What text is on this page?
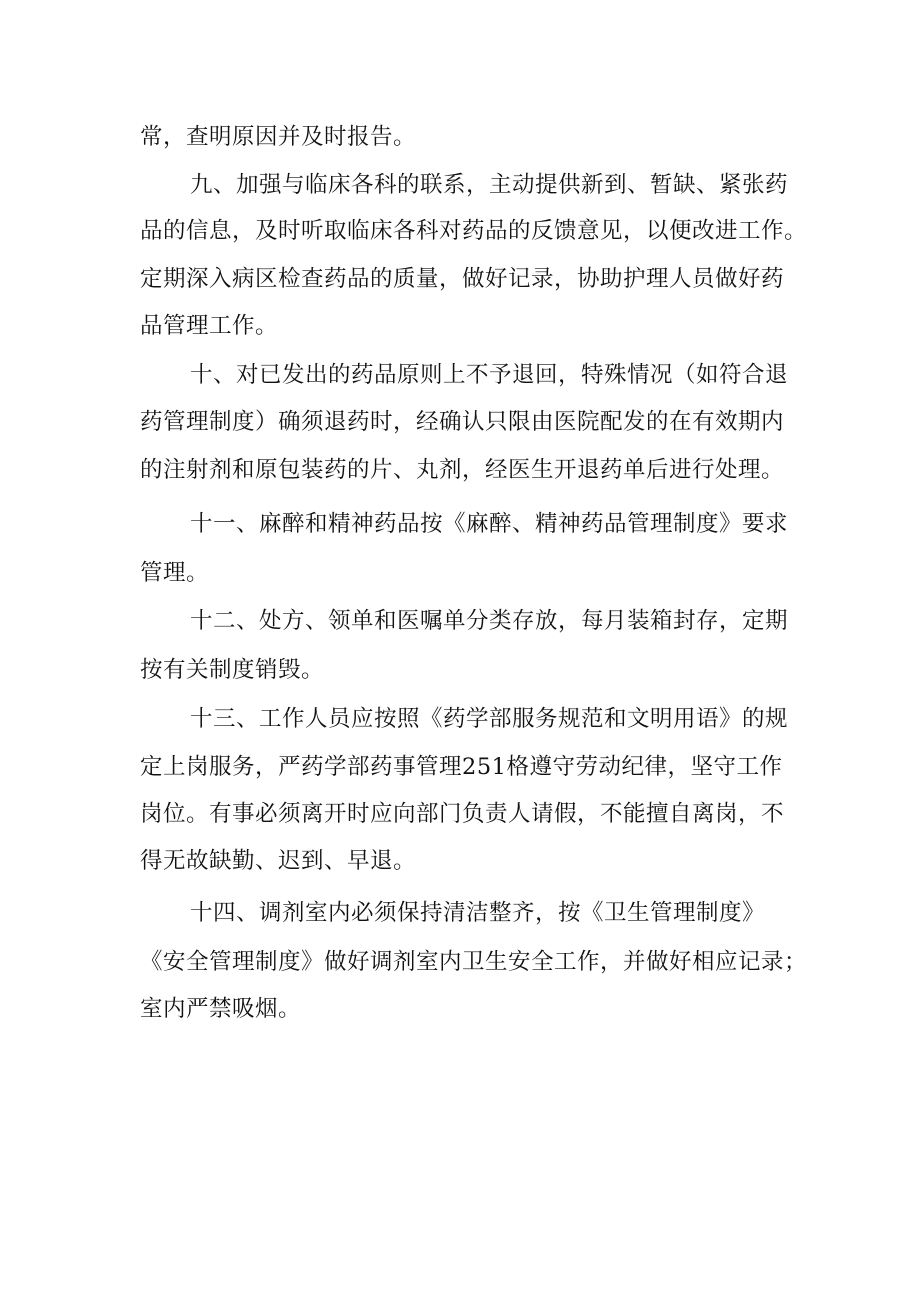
常，查明原因并及时报告。
九、加强与临床各科的联系，主动提供新到、暂缺、紧张药
品的信息，及时听取临床各科对药品的反馈意见，以便改进工作。
定期深入病区检查药品的质量，做好记录，协助护理人员做好药
品管理工作。
十、对已发出的药品原则上不予退回，特殊情况（如符合退
药管理制度）确须退药时，经确认只限由医院配发的在有效期内
的注射剂和原包装药的片、丸剂，经医生开退药单后进行处理。
十一、麻醉和精神药品按《麻醉、精神药品管理制度》要求
管理。
十二、处方、领单和医嘱单分类存放，每月装箱封存，定期
按有关制度销毁。
十三、工作人员应按照《药学部服务规范和文明用语》的规
定上岗服务，严药学部药事管理251格遵守劳动纪律，坚守工作
岗位。有事必须离开时应向部门负责人请假，不能擅自离岗，不
得无故缺勤、迟到、早退。
十四、调剂室内必须保持清洁整齐，按《卫生管理制度》
《安全管理制度》做好调剂室内卫生安全工作，并做好相应记录；
室内严禁吸烟。
